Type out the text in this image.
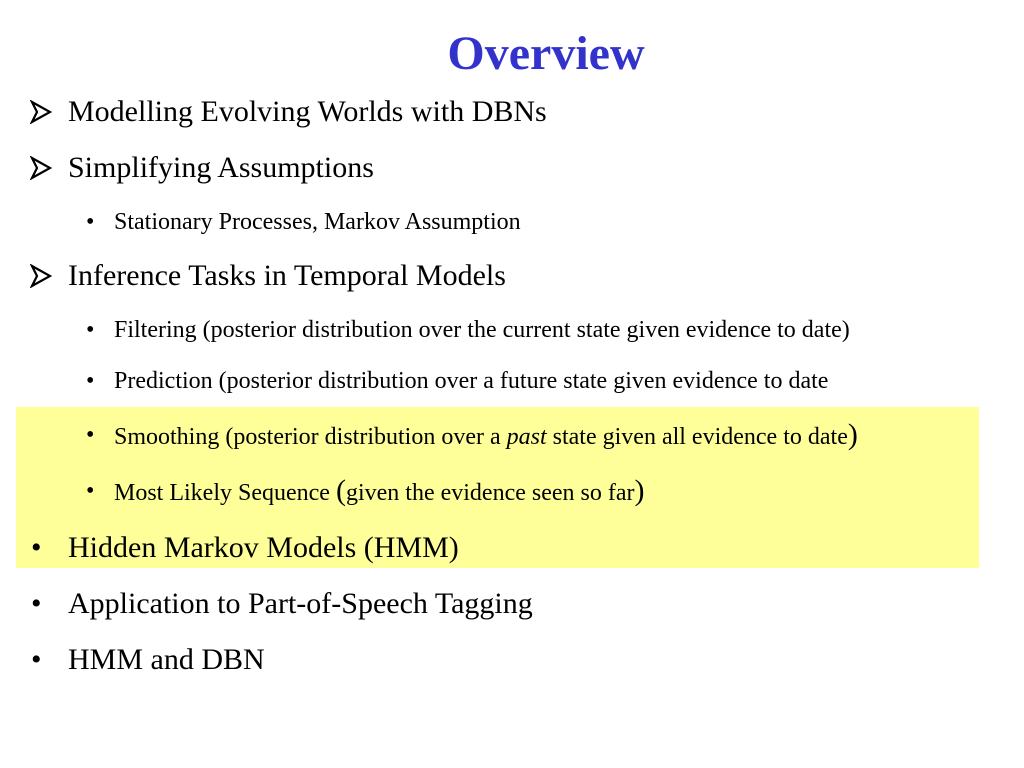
Overview
Modelling Evolving Worlds with DBNs
Simplifying Assumptions
• Stationary Processes, Markov Assumption
Inference Tasks in Temporal Models
• Filtering (posterior distribution over the current state given evidence to date)
• Prediction (posterior distribution over a future state given evidence to date
• Smoothing (posterior distribution over a past state given all evidence to date)
• Most Likely Sequence (given the evidence seen so far)
• Hidden Markov Models (HMM)
• Application to Part-of-Speech Tagging
• HMM and DBN
